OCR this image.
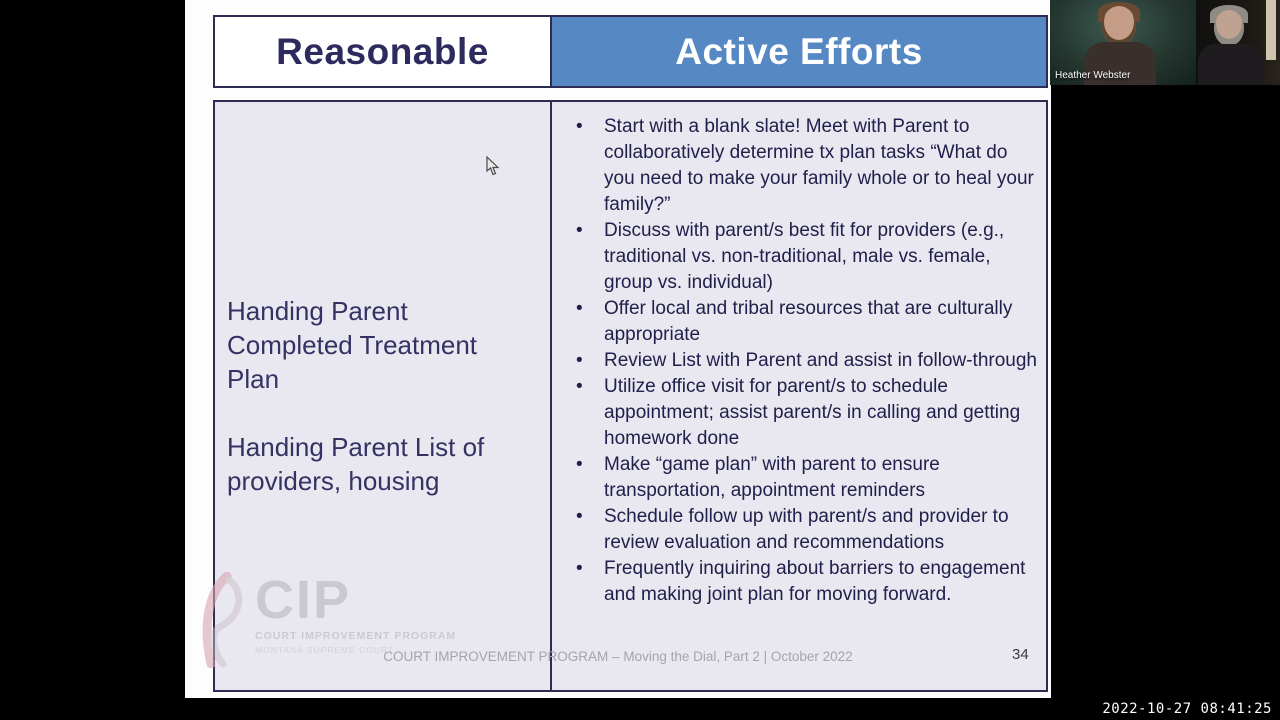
Reasonable	Active Efforts

Handing Parent Completed Treatment Plan

Handing Parent List of providers, housing

• Start with a blank slate! Meet with Parent to collaboratively determine tx plan tasks “What do you need to make your family whole or to heal your family?”
• Discuss with parent/s best fit for providers (e.g., traditional vs. non-traditional, male vs. female, group vs. individual)
• Offer local and tribal resources that are culturally appropriate
• Review List with Parent and assist in follow-through
• Utilize office visit for parent/s to schedule appointment; assist parent/s in calling and getting homework done
• Make “game plan” with parent to ensure transportation, appointment reminders
• Schedule follow up with parent/s and provider to review evaluation and recommendations
• Frequently inquiring about barriers to engagement and making joint plan for moving forward.
CIP
COURT IMPROVEMENT PROGRAM
MONTANA SUPREME COURT
COURT IMPROVEMENT PROGRAM – Moving the Dial, Part 2 | October 2022	34
Heather Webster
2022-10-27 08:41:25
